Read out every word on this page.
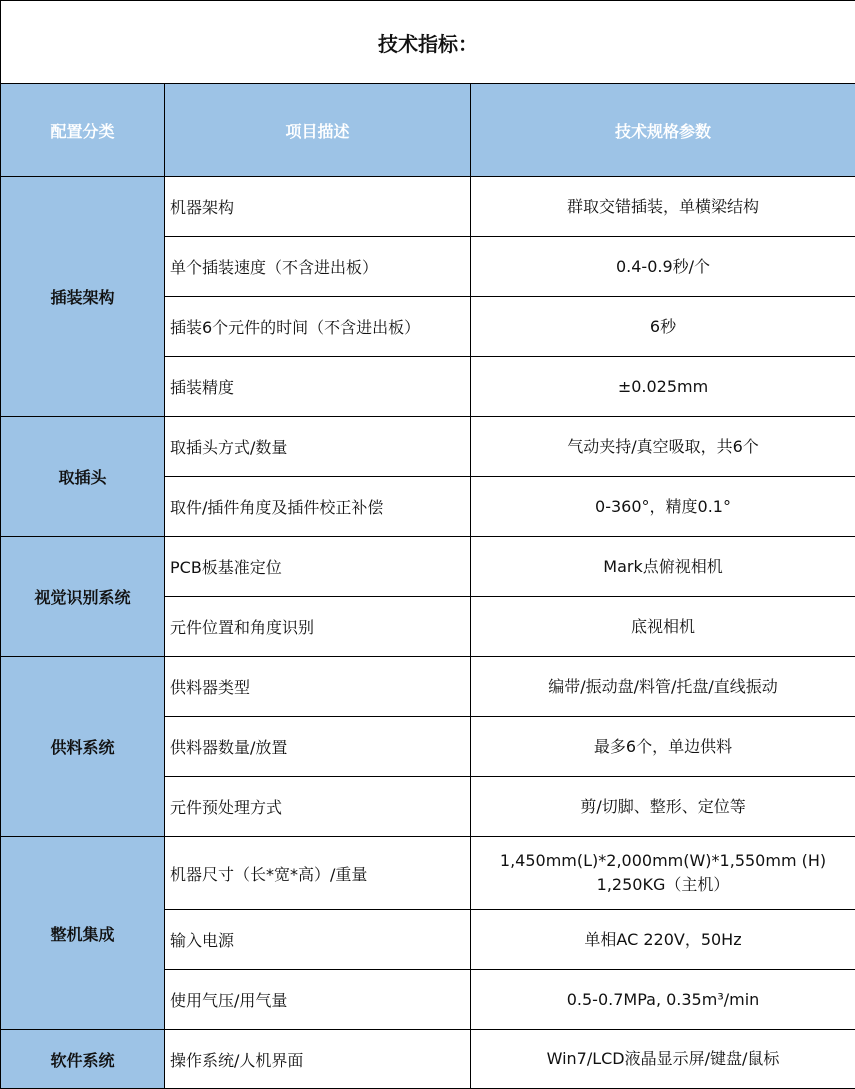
技术指标：		
配置分类	项目描述	技术规格参数
插装架构	机器架构	群取交错插装，单横梁结构
	单个插装速度（不含进出板）	0.4-0.9秒/个
	插装6个元件的时间（不含进出板）	6秒
	插装精度	±0.025mm
取插头	取插头方式/数量	气动夹持/真空吸取，共6个
	取件/插件角度及插件校正补偿	0-360°，精度0.1°
视觉识别系统	PCB板基准定位	Mark点俯视相机
	元件位置和角度识别	底视相机
供料系统	供料器类型	编带/振动盘/料管/托盘/直线振动
	供料器数量/放置	最多6个，单边供料
	元件预处理方式	剪/切脚、整形、定位等
整机集成	机器尺寸（长*宽*高）/重量	1,450mm(L)*2,000mm(W)*1,550mm (H)
1,250KG（主机）

	输入电源	单相AC 220V，50Hz
	使用气压/用气量	0.5-0.7MPa, 0.35m³/min
软件系统	操作系统/人机界面	Win7/LCD液晶显示屏/键盘/鼠标
